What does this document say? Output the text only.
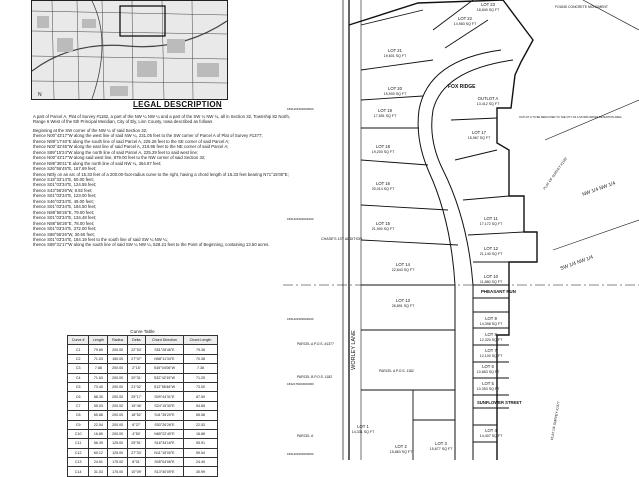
N
LEGAL DESCRIPTION

A part of Parcel A, Plat of Survey #1182, a part of the NW ¼ NW ¼ and a part of the SW ¼ NW ¼, all in Section 32, Township 82 North, Range 6 West of the 5th Principal Meridian, City of Ely, Linn County, Iowa described as follows

Beginning at the SW corner of the NW ¼ of said Section 32;
thence N00°43'17"W along the west line of said NW ¼, 231.05 feet to the SW corner of Parcel A of Plat of Survey #1377;
thence N89°17'40"E along the south line of said Parcel A, 225.26 feet to the SE corner of said Parcel A;
thence N00°42'45"W along the east line of said Parcel A, 219.95 feet to the NE corner of said Parcel A;
thence S89°15'24"W along the north line of said Parcel A, 225.29 feet to said west line;
thence N00°43'17"W along said west line, 879.00 feet to the NW corner of said Section 32;
thence N89°38'41"E along the north line of said NW ¼, 364.87 feet;
thence S26°56'45"E, 167.69 feet;
thence NEly on an arc of 15.33 feet of a 200.00-foot-radius curve to the right, having a chord length of 15.33 feet bearing N71°15'00"E;
thence S18°33'14"E, 50.00 feet;
thence S01°03'34"E, 124.55 feet;
thence S43°56'26"W, 8.92 feet;
thence S01°03'34"E, 123.00 feet;
thence S46°03'34"E, 49.00 feet;
thence S01°03'34"E, 184.50 feet;
thence N88°56'26"E, 79.00 feet;
thence S01°03'34"E, 134.48 feet;
thence N88°56'26"E, 78.00 feet;
thence S01°03'34"E, 372.00 feet;
thence S88°56'26"W, 30.50 feet;
thence S01°03'34"E, 184.19 feet to the south line of said SW ¼ NW ¼;
thence S89°31'17"W along the south line of said SW ¼ NW ¼, 528.21 feet to the Point of Beginning, containing 13.50 acres.
Curve Table
Curve #	Length	Radius	Delta	Chord Direction	Chord Length
C1	79.89	200.00	22°53'	S51°28'46"E	79.36
C2	71.03	150.00	27°07'	N58°11'34"E	70.38
C3	7.88	200.00	2°15'	S45°04'06"W	7.38
C4	71.63	200.00	20°31'	S32°42'15"W	71.25
C5	73.40	200.00	21°02'	S12°58'46"W	73.00
C6	88.30	200.00	25°17'	S09°44'31"E	87.59
C7	55.03	200.00	15°46'	S24°15'30"E	54.85
C8	65.88	200.00	18°52'	S41°35'20"E	65.58
C9	22.54	200.00	6°27'	S53°26'26"E	22.53
C10	16.89	200.00	4°50'	N65°22'40"E	16.88
C11	56.39	125.00	25°51'	S16°34'16"E	55.91
C12	60.12	125.00	27°33'	N11°15'00"E	59.54
C13	24.51	175.00	8°01'	S05°04'06"E	24.49
C14	31.03	175.00	10°09'	S13°40'09"E	30.99
LOT 22
14,983 SQ FT
LOT 23
18,840 SQ FT
LOT 21
19,601 SQ FT
LOT 20
15,900 SQ FT
OUTLOT A
13,412 SQ FT
LOT 19
17,651 SQ FT
LOT 18
19,200 SQ FT
LOT 17
15,967 SQ FT
LOT 16
20,014 SQ FT
LOT 15
21,900 SQ FT
LOT 14
22,643 SQ FT
LOT 13
26,891 SQ FT
LOT 12
21,140 SQ FT
LOT 11
17,172 SQ FT
LOT 10
11,880 SQ FT
LOT 9
14,398 SQ FT
LOT 8
12,320 SQ FT
LOT 7
12,100 SQ FT
LOT 6
10,863 SQ FT
LOT 5
10,353 SQ FT
LOT 4
14,407 SQ FT
LOT 3
15,677 SQ FT
LOT 2
15,863 SQ FT
LOT 1
14,331 SQ FT
FOX RIDGE
PHEASANT RUN
SUNFLOWER STREET
WORLEY LANE
NW 1/4 NW 1/4
SW 1/4 NW 1/4
PARCEL A P.O.S. #1377
PARCEL A P.O.S. 1182
PARCEL B P.O.S. 1182
PARCEL A
FOUND CONCRETE MONUMENT
CHASE'S 1ST ADDITION
PLAT OF SURVEY #1182
PLAT OF SURVEY #1377
OUTLOT A TO BE DEDICATED TO THE CITY AS A STORM WATER DETENTION AREA
1831101502000000
1831101502001000
1831101502002000
1832176003000000
1831101502003000
